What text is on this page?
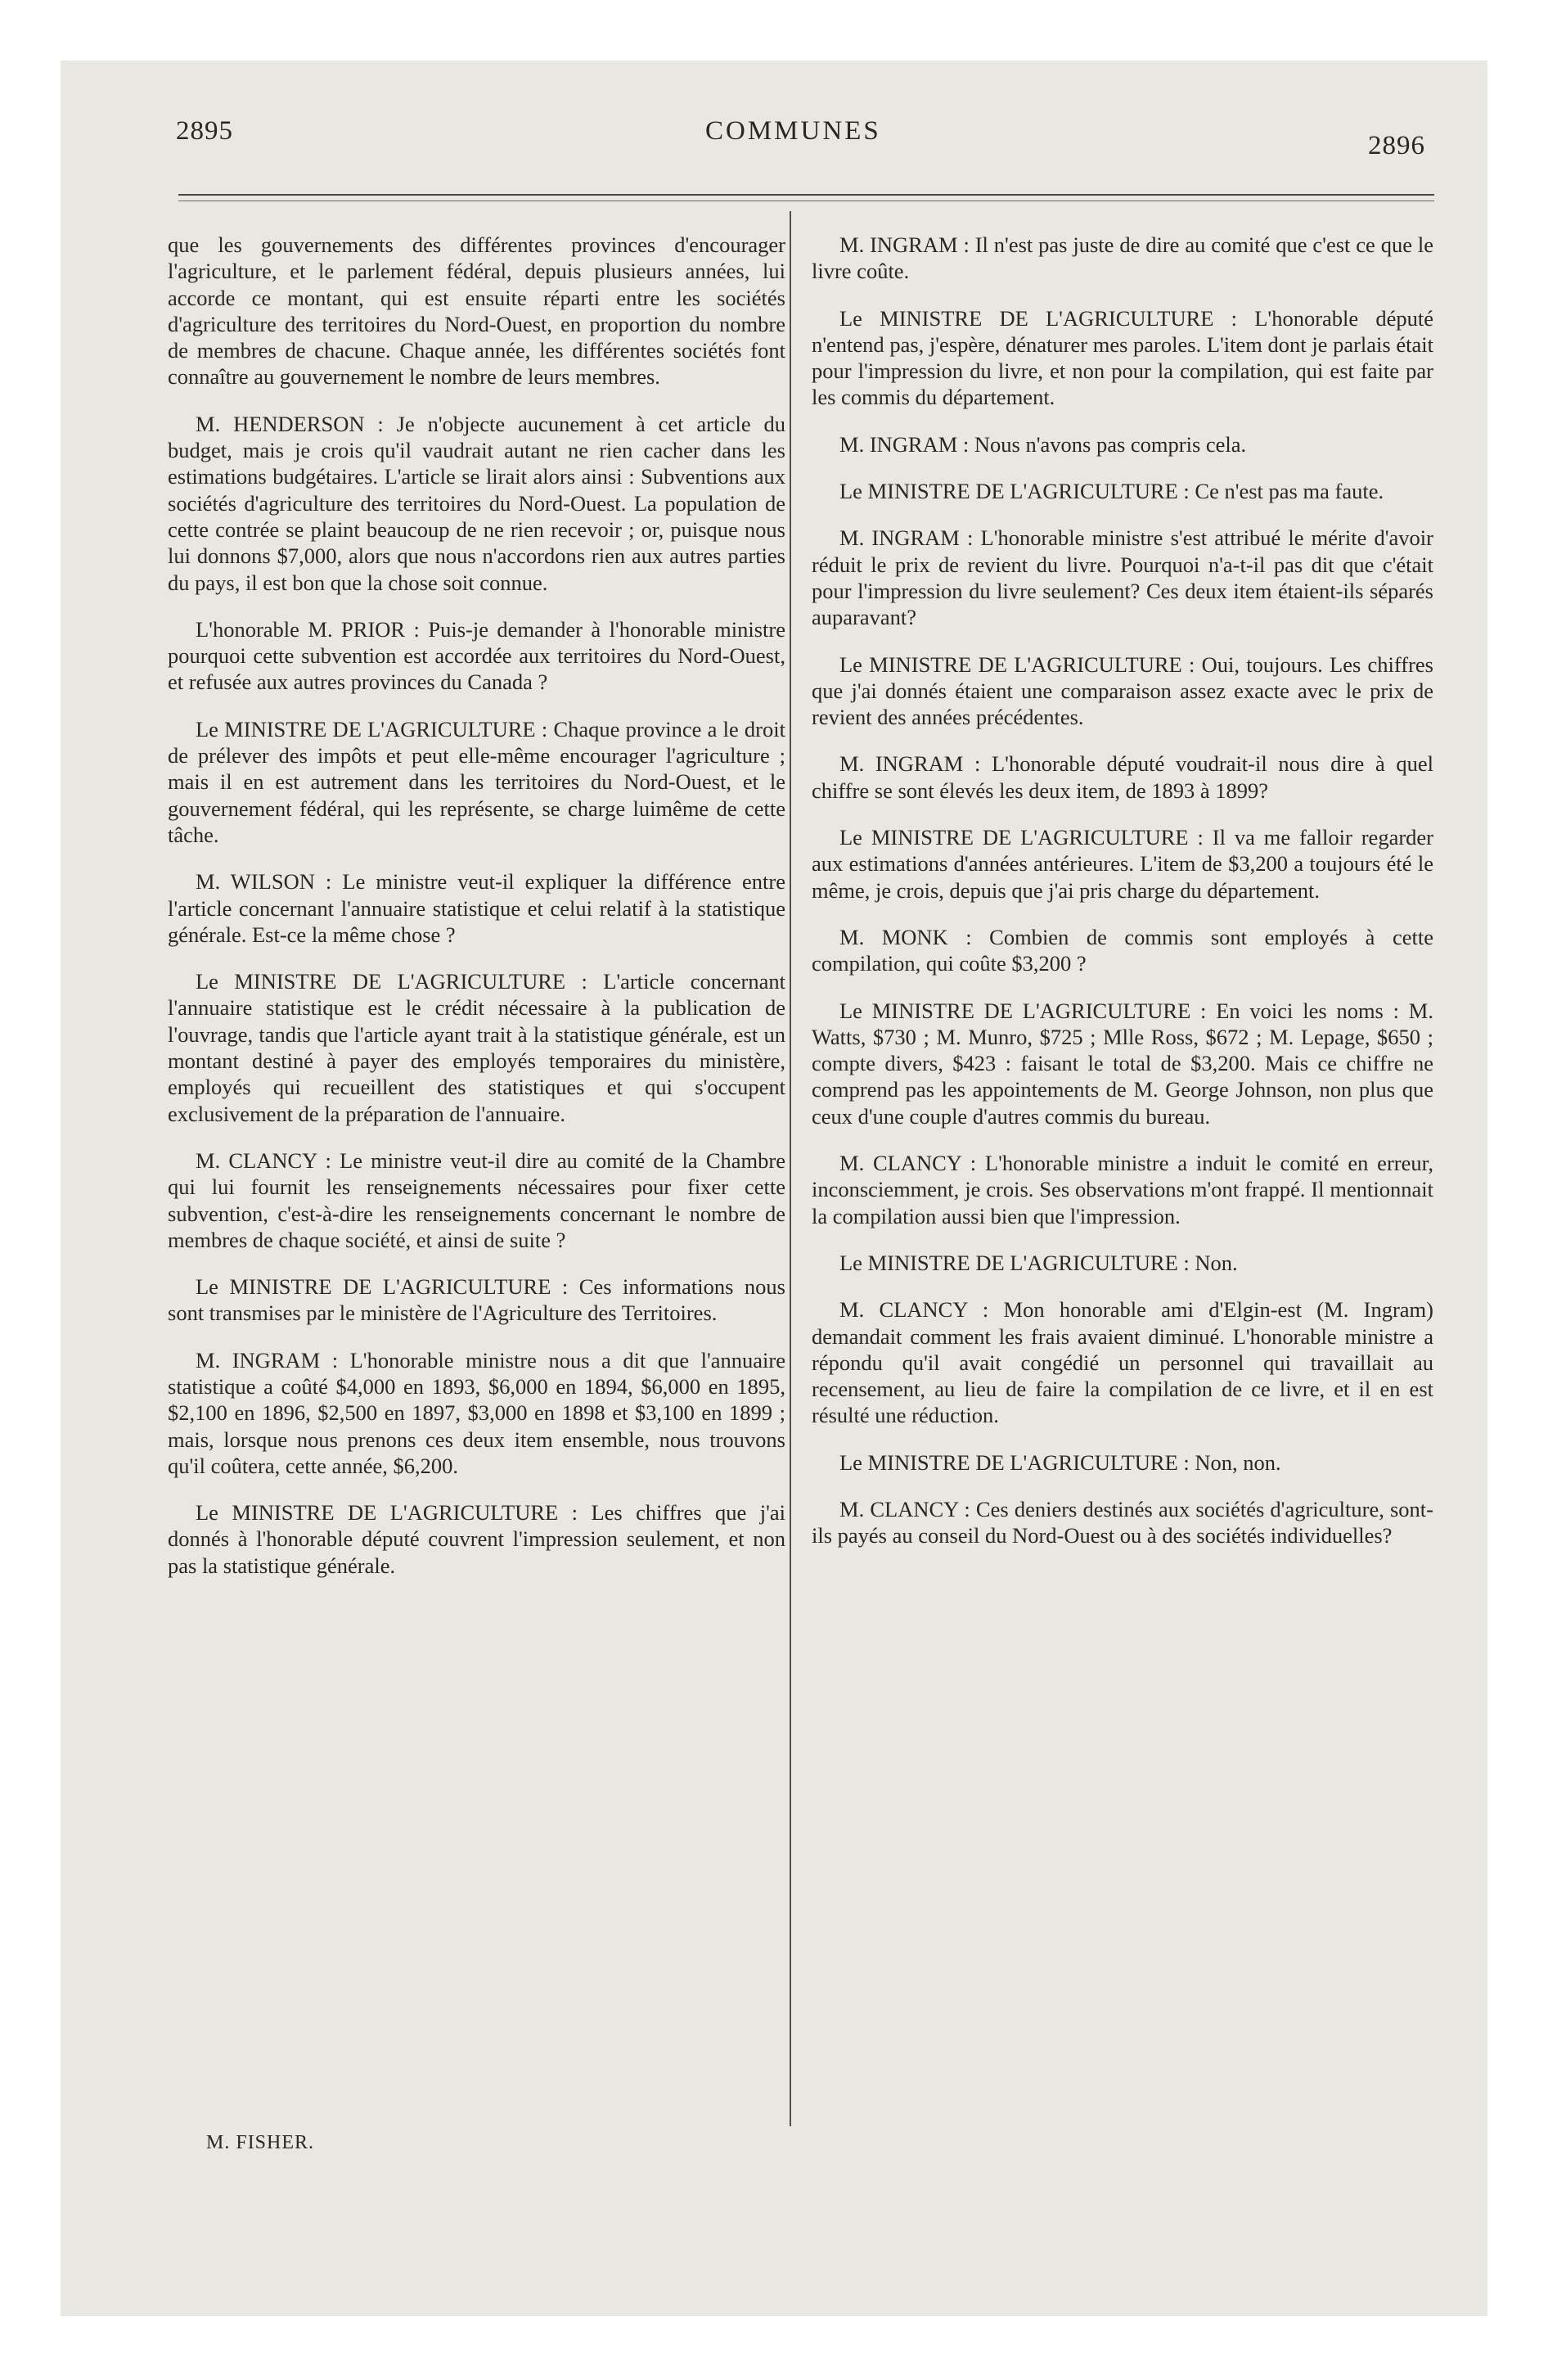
2895	COMMUNES	2896

que les gouvernements des différentes provinces d'encourager l'agriculture, et le parlement fédéral, depuis plusieurs années, lui accorde ce montant, qui est ensuite réparti entre les sociétés d'agriculture des territoires du Nord-Ouest, en proportion du nombre de membres de chacune. Chaque année, les différentes sociétés font connaître au gouvernement le nombre de leurs membres.

M. HENDERSON : Je n'objecte aucunement à cet article du budget, mais je crois qu'il vaudrait autant ne rien cacher dans les estimations budgétaires. L'article se lirait alors ainsi : Subventions aux sociétés d'agriculture des territoires du Nord-Ouest. La population de cette contrée se plaint beaucoup de ne rien recevoir ; or, puisque nous lui donnons $7,000, alors que nous n'accordons rien aux autres parties du pays, il est bon que la chose soit connue.

L'honorable M. PRIOR : Puis-je demander à l'honorable ministre pourquoi cette subvention est accordée aux territoires du Nord-Ouest, et refusée aux autres provinces du Canada ?

Le MINISTRE DE L'AGRICULTURE : Chaque province a le droit de prélever des impôts et peut elle-même encourager l'agriculture ; mais il en est autrement dans les territoires du Nord-Ouest, et le gouvernement fédéral, qui les représente, se charge luimême de cette tâche.

M. WILSON : Le ministre veut-il expliquer la différence entre l'article concernant l'annuaire statistique et celui relatif à la statistique générale. Est-ce la même chose ?

Le MINISTRE DE L'AGRICULTURE : L'article concernant l'annuaire statistique est le crédit nécessaire à la publication de l'ouvrage, tandis que l'article ayant trait à la statistique générale, est un montant destiné à payer des employés temporaires du ministère, employés qui recueillent des statistiques et qui s'occupent exclusivement de la préparation de l'annuaire.

M. CLANCY : Le ministre veut-il dire au comité de la Chambre qui lui fournit les renseignements nécessaires pour fixer cette subvention, c'est-à-dire les renseignements concernant le nombre de membres de chaque société, et ainsi de suite ?

Le MINISTRE DE L'AGRICULTURE : Ces informations nous sont transmises par le ministère de l'Agriculture des Territoires.

M. INGRAM : L'honorable ministre nous a dit que l'annuaire statistique a coûté $4,000 en 1893, $6,000 en 1894, $6,000 en 1895, $2,100 en 1896, $2,500 en 1897, $3,000 en 1898 et $3,100 en 1899 ; mais, lorsque nous prenons ces deux item ensemble, nous trouvons qu'il coûtera, cette année, $6,200.

Le MINISTRE DE L'AGRICULTURE : Les chiffres que j'ai donnés à l'honorable député couvrent l'impression seulement, et non pas la statistique générale.

M. INGRAM : Il n'est pas juste de dire au comité que c'est ce que le livre coûte.

Le MINISTRE DE L'AGRICULTURE : L'honorable député n'entend pas, j'espère, dénaturer mes paroles. L'item dont je parlais était pour l'impression du livre, et non pour la compilation, qui est faite par les commis du département.

M. INGRAM : Nous n'avons pas compris cela.

Le MINISTRE DE L'AGRICULTURE : Ce n'est pas ma faute.

M. INGRAM : L'honorable ministre s'est attribué le mérite d'avoir réduit le prix de revient du livre. Pourquoi n'a-t-il pas dit que c'était pour l'impression du livre seulement? Ces deux item étaient-ils séparés auparavant?

Le MINISTRE DE L'AGRICULTURE : Oui, toujours. Les chiffres que j'ai donnés étaient une comparaison assez exacte avec le prix de revient des années précédentes.

M. INGRAM : L'honorable député voudrait-il nous dire à quel chiffre se sont élevés les deux item, de 1893 à 1899?

Le MINISTRE DE L'AGRICULTURE : Il va me falloir regarder aux estimations d'années antérieures. L'item de $3,200 a toujours été le même, je crois, depuis que j'ai pris charge du département.

M. MONK : Combien de commis sont employés à cette compilation, qui coûte $3,200 ?

Le MINISTRE DE L'AGRICULTURE : En voici les noms : M. Watts, $730 ; M. Munro, $725 ; Mlle Ross, $672 ; M. Lepage, $650 ; compte divers, $423 : faisant le total de $3,200. Mais ce chiffre ne comprend pas les appointements de M. George Johnson, non plus que ceux d'une couple d'autres commis du bureau.

M. CLANCY : L'honorable ministre a induit le comité en erreur, inconsciemment, je crois. Ses observations m'ont frappé. Il mentionnait la compilation aussi bien que l'impression.

Le MINISTRE DE L'AGRICULTURE : Non.

M. CLANCY : Mon honorable ami d'Elgin-est (M. Ingram) demandait comment les frais avaient diminué. L'honorable ministre a répondu qu'il avait congédié un personnel qui travaillait au recensement, au lieu de faire la compilation de ce livre, et il en est résulté une réduction.

Le MINISTRE DE L'AGRICULTURE : Non, non.

M. CLANCY : Ces deniers destinés aux sociétés d'agriculture, sont-ils payés au conseil du Nord-Ouest ou à des sociétés individuelles?

M. FISHER.
